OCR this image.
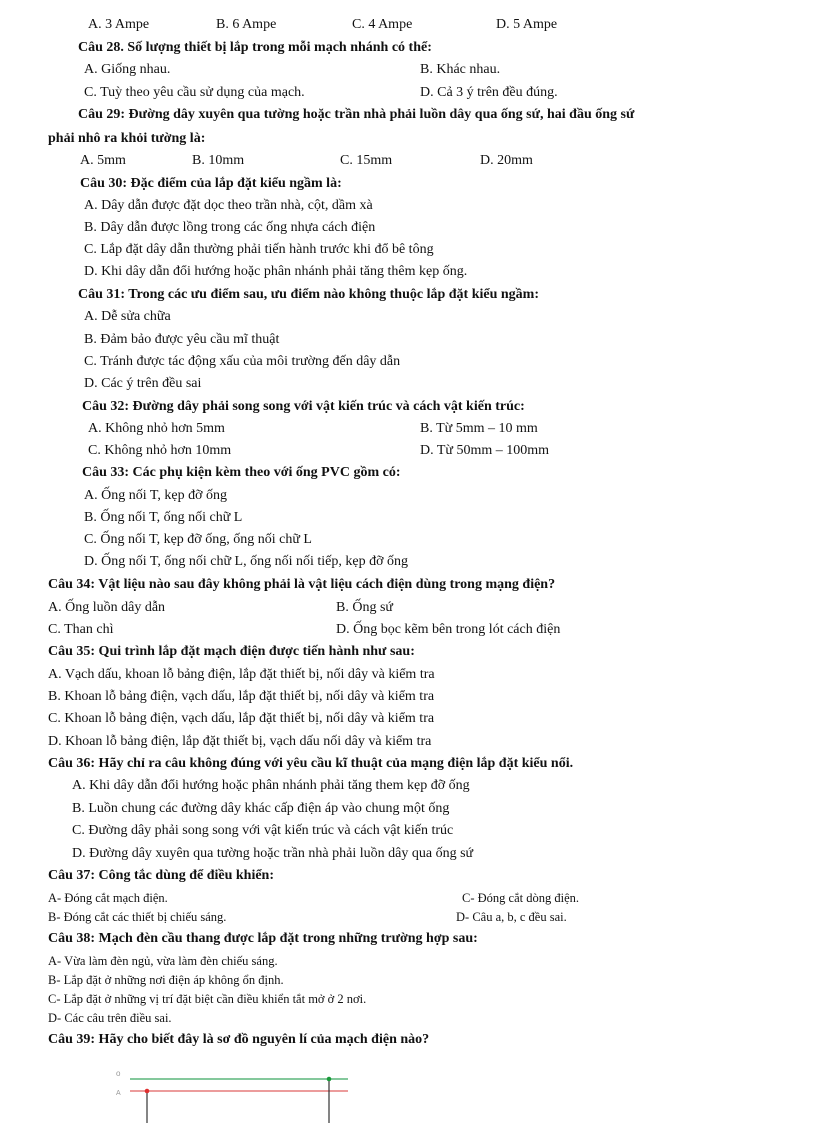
A. 3 Ampe	B. 6 Ampe	C. 4 Ampe	D. 5 Ampe
Câu 28. Số lượng thiết bị lắp trong mỗi mạch nhánh có thể:
A. Giống nhau.	B. Khác nhau.
C. Tuỳ theo yêu cầu sử dụng của mạch.	D. Cả 3 ý trên đều đúng.
Câu 29: Đường dây xuyên qua tường hoặc trần nhà phải luồn dây qua ống sứ, hai đầu ống sứ
phải nhô ra khỏi tường là:
A. 5mm	B. 10mm	C. 15mm	D. 20mm
Câu 30: Đặc điểm của lắp đặt kiểu ngầm là:
A. Dây dẫn được đặt dọc theo trần nhà, cột, dầm xà
B. Dây dẫn được lồng trong các ống nhựa cách điện
C. Lắp đặt dây dẫn thường phải tiến hành trước khi đổ bê tông
D. Khi dây dẫn đổi hướng hoặc phân nhánh phải tăng thêm kẹp ống.
Câu 31: Trong các ưu điểm sau, ưu điểm nào không thuộc lắp đặt kiểu ngầm:
A. Dễ sửa chữa
B. Đảm bảo được yêu cầu mĩ thuật
C. Tránh được tác động xấu của môi trường đến dây dẫn
D. Các ý trên đều sai
Câu 32: Đường dây phải song song với vật kiến trúc và cách vật kiến trúc:
A. Không nhỏ hơn 5mm	B. Từ 5mm – 10 mm
C. Không nhỏ hơn 10mm	D. Từ 50mm – 100mm
Câu 33: Các phụ kiện kèm theo với ống PVC gồm có:
A. Ống nối T, kẹp đỡ ống
B. Ống nối T, ống nối chữ L
C. Ống nối T, kẹp đỡ ống, ống nối chữ L
D. Ống nối T, ống nối chữ L, ống nối nối tiếp, kẹp đỡ ống
Câu 34: Vật liệu nào sau đây không phải là vật liệu cách điện dùng trong mạng điện?
A. Ống luồn dây dẫn	B. Ống sứ
C. Than chì	D. Ống bọc kẽm bên trong lót cách điện
Câu 35: Qui trình lắp đặt mạch điện được tiến hành như sau:
A. Vạch dấu, khoan lỗ bảng điện, lắp đặt thiết bị, nối dây và kiểm tra
B. Khoan lỗ bảng điện, vạch dấu, lắp đặt thiết bị, nối dây và kiểm tra
C. Khoan lỗ bảng điện, vạch dấu, lắp đặt thiết bị, nối dây và kiểm tra
D. Khoan lỗ bảng điện, lắp đặt thiết bị, vạch dấu nối dây và kiểm tra
Câu 36: Hãy chỉ ra câu không đúng với yêu cầu kĩ thuật của mạng điện lắp đặt kiểu nổi.
A. Khi dây dẫn đổi hướng hoặc phân nhánh phải tăng them kẹp đỡ ống
B. Luồn chung các đường dây khác cấp điện áp vào chung một ống
C. Đường dây phải song song với vật kiến trúc và cách vật kiến trúc
D. Đường dây xuyên qua tường hoặc trần nhà phải luồn dây qua ống sứ
Câu 37: Công tắc dùng để điều khiển:
A- Đóng cắt mạch điện.	C- Đóng cắt dòng điện.
B- Đóng cắt các thiết bị chiếu sáng.	D- Câu a, b, c đều sai.
Câu 38: Mạch đèn cầu thang được lắp đặt trong những trường hợp sau:
A- Vừa làm đèn ngủ, vừa làm đèn chiếu sáng.
B- Lắp đặt ở những nơi điện áp không ổn định.
C- Lắp đặt ở những vị trí đặt biệt cần điều khiển tắt mở ở 2 nơi.
D- Các câu trên điều sai.
Câu 39: Hãy cho biết đây là sơ đồ nguyên lí của mạch điện nào?
o
A
